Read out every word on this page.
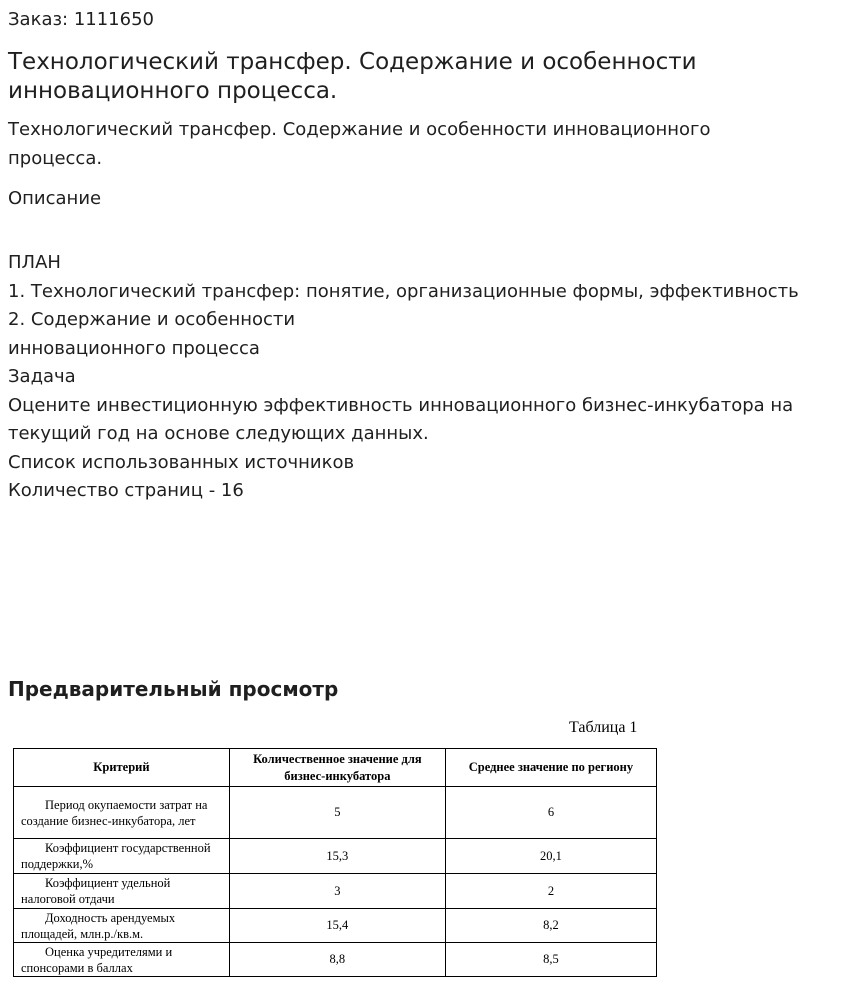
Заказ: 1111650
Технологический трансфер. Содержание и особенности инновационного процесса.
Технологический трансфер. Содержание и особенности инновационного процесса.
Описание
ПЛАН
1. Технологический трансфер: понятие, организационные формы, эффективность
2. Содержание и особенности
инновационного процесса
Задача
Оцените инвестиционную эффективность инновационного бизнес-инкубатора на текущий год на основе следующих данных.
Список использованных источников
Количество страниц - 16
Предварительный просмотр
Таблица 1
Критерий	Количественное значение для бизнес-инкубатора	Среднее значение по региону
Период окупаемости затрат на создание бизнес-инкубатора, лет	5	6
Коэффициент государственной поддержки,%	15,3	20,1
Коэффициент удельной налоговой отдачи	3	2
Доходность арендуемых площадей, млн.р./кв.м.	15,4	8,2
Оценка учредителями и спонсорами в баллах	8,8	8,5
